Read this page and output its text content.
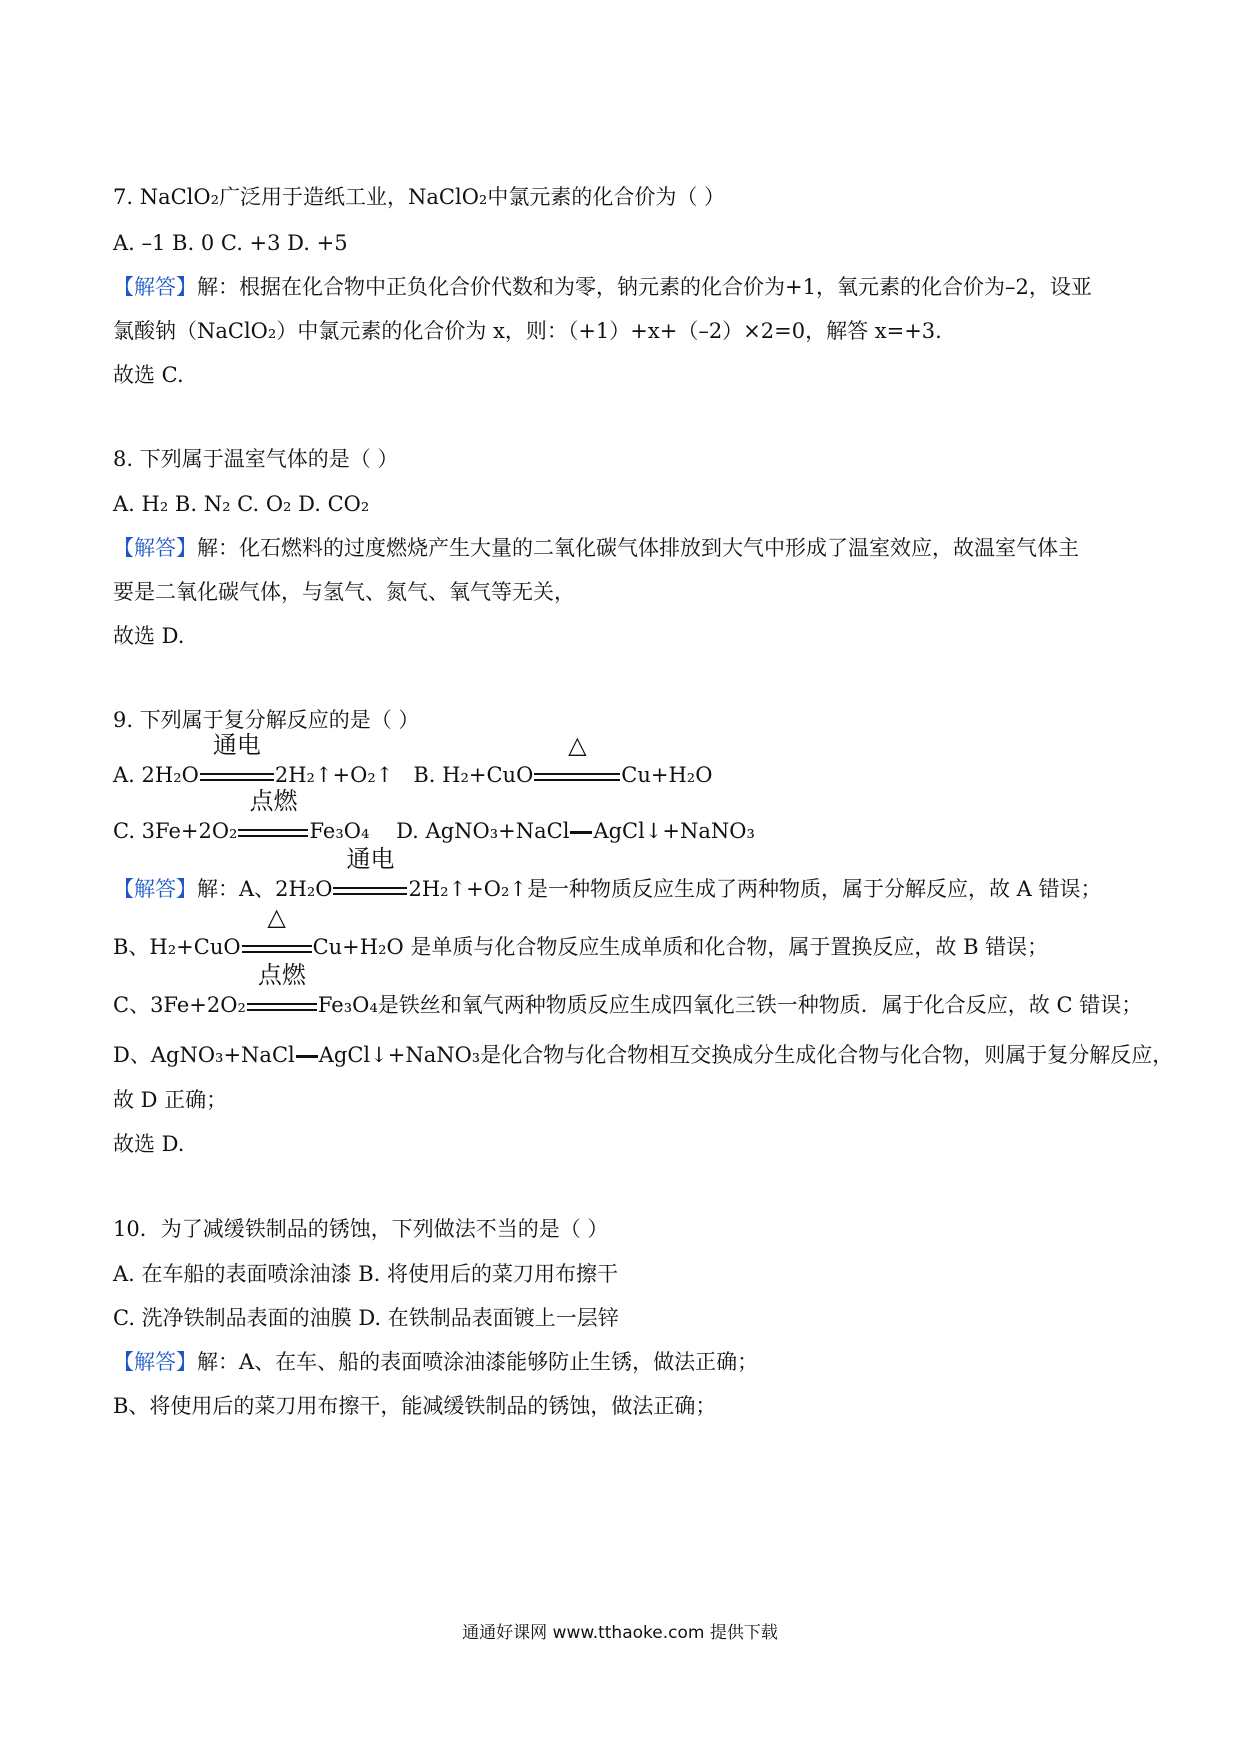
7. NaClO₂广泛用于造纸工业，NaClO₂中氯元素的化合价为（ ）
A. –1 B. 0 C. +3 D. +5
【解答】解：根据在化合物中正负化合价代数和为零，钠元素的化合价为+1，氧元素的化合价为–2，设亚
氯酸钠（NaClO₂）中氯元素的化合价为 x，则：（+1）+x+（–2）×2=0，解答 x=+3.
故选 C.
8. 下列属于温室气体的是（ ）
A. H₂ B. N₂ C. O₂ D. CO₂
【解答】解：化石燃料的过度燃烧产生大量的二氧化碳气体排放到大气中形成了温室效应，故温室气体主
要是二氧化碳气体，与氢气、氮气、氧气等无关，
故选 D.
9. 下列属于复分解反应的是（ ）
A. 2H₂O
通电
2H₂↑+O₂↑ B. H₂+CuO
△
Cu+H₂O
C. 3Fe+2O₂
点燃
Fe₃O₄ D. AgNO₃+NaCl AgCl↓+NaNO₃
【解答】解：A、2H₂O
通电
2H₂↑+O₂↑是一种物质反应生成了两种物质，属于分解反应，故 A 错误；
B、H₂+CuO
△
Cu+H₂O 是单质与化合物反应生成单质和化合物，属于置换反应，故 B 错误；
C、3Fe+2O₂
点燃
Fe₃O₄是铁丝和氧气两种物质反应生成四氧化三铁一种物质．属于化合反应，故 C 错误；
D、AgNO₃+NaCl AgCl↓+NaNO₃是化合物与化合物相互交换成分生成化合物与化合物，则属于复分解反应，
故 D 正确；
故选 D.
10．为了减缓铁制品的锈蚀，下列做法不当的是（ ）
A. 在车船的表面喷涂油漆 B. 将使用后的菜刀用布擦干
C. 洗净铁制品表面的油膜 D. 在铁制品表面镀上一层锌
【解答】解：A、在车、船的表面喷涂油漆能够防止生锈，做法正确；
B、将使用后的菜刀用布擦干，能减缓铁制品的锈蚀，做法正确；
通通好课网 www.tthaoke.com 提供下载
